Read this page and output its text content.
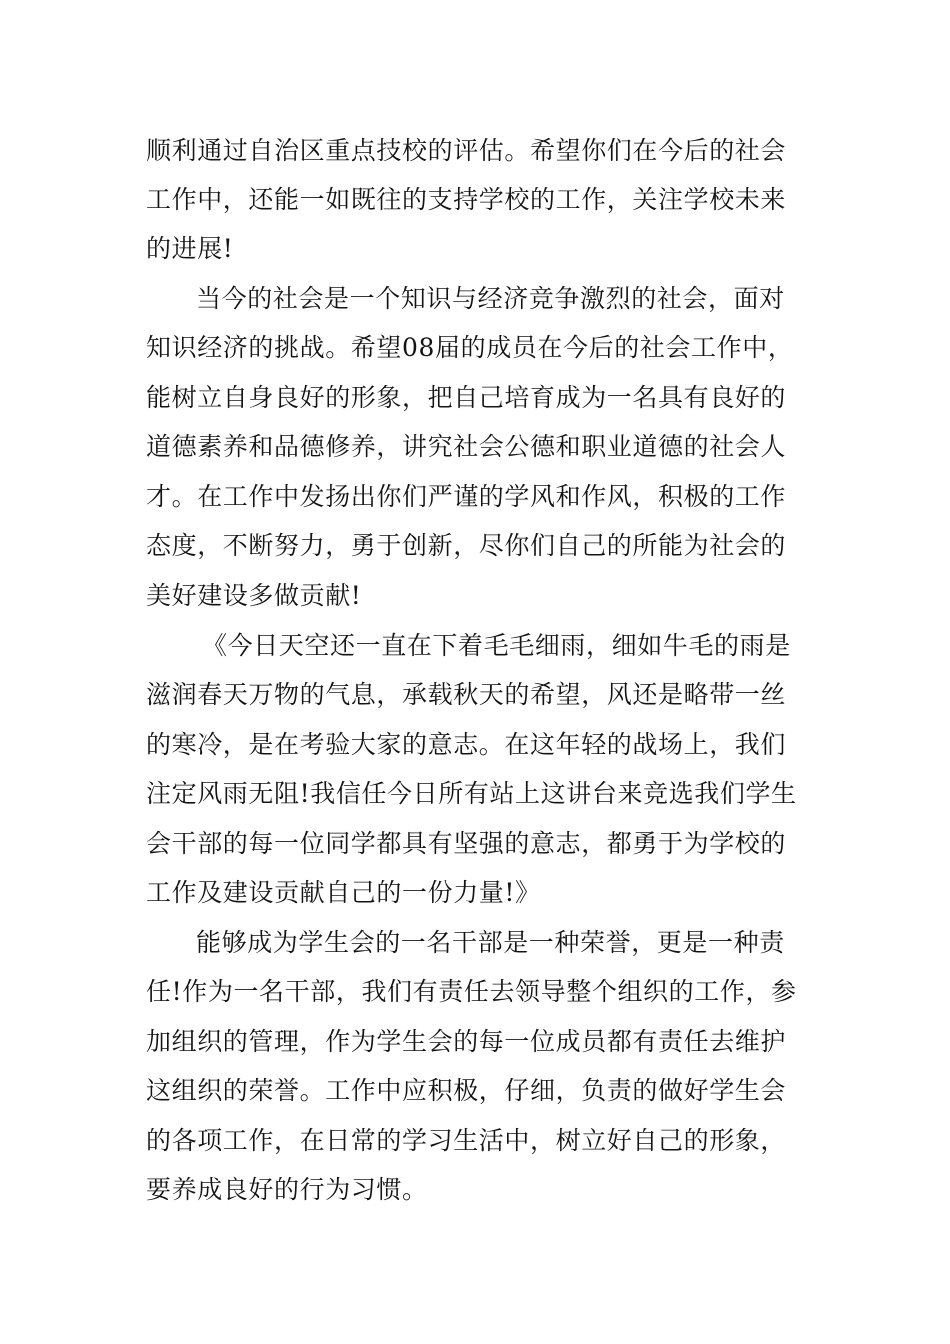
顺利通过自治区重点技校的评估。希望你们在今后的社会
工作中，还能一如既往的支持学校的工作，关注学校未来
的进展!
当今的社会是一个知识与经济竞争激烈的社会，面对
知识经济的挑战。希望08届的成员在今后的社会工作中，
能树立自身良好的形象，把自己培育成为一名具有良好的
道德素养和品德修养，讲究社会公德和职业道德的社会人
才。在工作中发扬出你们严谨的学风和作风，积极的工作
态度，不断努力，勇于创新，尽你们自己的所能为社会的
美好建设多做贡献!
《今日天空还一直在下着毛毛细雨，细如牛毛的雨是
滋润春天万物的气息，承载秋天的希望，风还是略带一丝
的寒冷，是在考验大家的意志。在这年轻的战场上，我们
注定风雨无阻!我信任今日所有站上这讲台来竞选我们学生
会干部的每一位同学都具有坚强的意志，都勇于为学校的
工作及建设贡献自己的一份力量!》
能够成为学生会的一名干部是一种荣誉，更是一种责
任!作为一名干部，我们有责任去领导整个组织的工作，参
加组织的管理，作为学生会的每一位成员都有责任去维护
这组织的荣誉。工作中应积极，仔细，负责的做好学生会
的各项工作，在日常的学习生活中，树立好自己的形象，
要养成良好的行为习惯。
